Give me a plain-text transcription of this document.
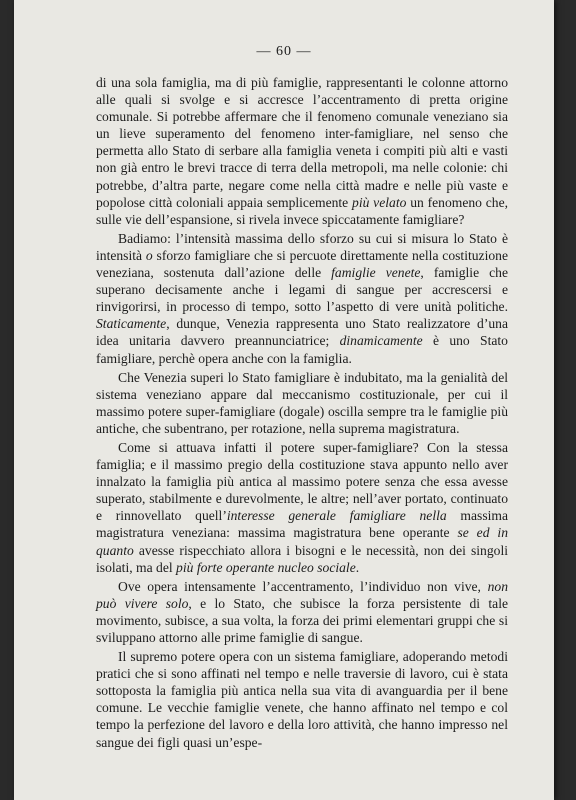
— 60 —

di una sola famiglia, ma di più famiglie, rappresentanti le colonne attorno alle quali si svolge e si accresce l’accentramento di pretta origine comunale. Si potrebbe affermare che il fenomeno comunale veneziano sia un lieve superamento del fenomeno inter-famigliare, nel senso che permetta allo Stato di serbare alla famiglia veneta i compiti più alti e vasti non già entro le brevi tracce di terra della metropoli, ma nelle colonie: chi potrebbe, d’altra parte, negare come nella città madre e nelle più vaste e popolose città coloniali appaia semplicemente più velato un fenomeno che, sulle vie dell’espansione, si rivela invece spiccatamente famigliare?

Badiamo: l’intensità massima dello sforzo su cui si misura lo Stato è intensità o sforzo famigliare che si percuote direttamente nella costituzione veneziana, sostenuta dall’azione delle famiglie venete, famiglie che superano decisamente anche i legami di sangue per accrescersi e rinvigorirsi, in processo di tempo, sotto l’aspetto di vere unità politiche. Staticamente, dunque, Venezia rappresenta uno Stato realizzatore d’una idea unitaria davvero preannunciatrice; dinamicamente è uno Stato famigliare, perchè opera anche con la famiglia.

Che Venezia superi lo Stato famigliare è indubitato, ma la genialità del sistema veneziano appare dal meccanismo costituzionale, per cui il massimo potere super-famigliare (dogale) oscilla sempre tra le famiglie più antiche, che subentrano, per rotazione, nella suprema magistratura.

Come si attuava infatti il potere super-famigliare? Con la stessa famiglia; e il massimo pregio della costituzione stava appunto nello aver innalzato la famiglia più antica al massimo potere senza che essa avesse superato, stabilmente e durevolmente, le altre; nell’aver portato, continuato e rinnovellato quell’interesse generale famigliare nella massima magistratura veneziana: massima magistratura bene operante se ed in quanto avesse rispecchiato allora i bisogni e le necessità, non dei singoli isolati, ma del più forte operante nucleo sociale.

Ove opera intensamente l’accentramento, l’individuo non vive, non può vivere solo, e lo Stato, che subisce la forza persistente di tale movimento, subisce, a sua volta, la forza dei primi elementari gruppi che si sviluppano attorno alle prime famiglie di sangue.

Il supremo potere opera con un sistema famigliare, adoperando metodi pratici che si sono affinati nel tempo e nelle traversie di lavoro, cui è stata sottoposta la famiglia più antica nella sua vita di avanguardia per il bene comune. Le vecchie famiglie venete, che hanno affinato nel tempo e col tempo la perfezione del lavoro e della loro attività, che hanno impresso nel sangue dei figli quasi un’espe-
